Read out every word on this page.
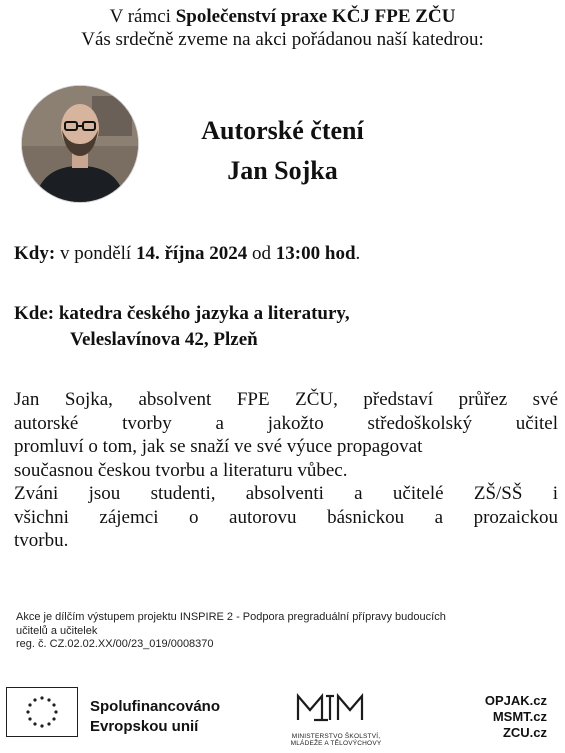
V rámci Společenství praxe KČJ FPE ZČU
Vás srdečně zveme na akci pořádanou naší katedrou:
Autorské čtení
Jan Sojka
Kdy: v pondělí 14. října 2024 od 13:00 hod.
Kde: katedra českého jazyka a literatury,
Veleslavínova 42, Plzeň
Jan Sojka, absolvent FPE ZČU, představí průřez své
autorské tvorby a jakožto středoškolský učitel
promluví o tom, jak se snaží ve své výuce propagovat
současnou českou tvorbu a literaturu vůbec.
Zváni jsou studenti, absolventi a učitelé ZŠ/SŠ i
všichni zájemci o autorovu básnickou a prozaickou
tvorbu.
Akce je dílčím výstupem projektu INSPIRE 2 - Podpora pregraduální přípravy budoucích
učitelů a učitelek
reg. č. CZ.02.02.XX/00/23_019/0008370
Spolufinancováno
Evropskou unií
MINISTERSTVO ŠKOLSTVÍ,
MLÁDEŽE A TĚLOVÝCHOVY
OPJAK.cz
MSMT.cz
ZCU.cz
